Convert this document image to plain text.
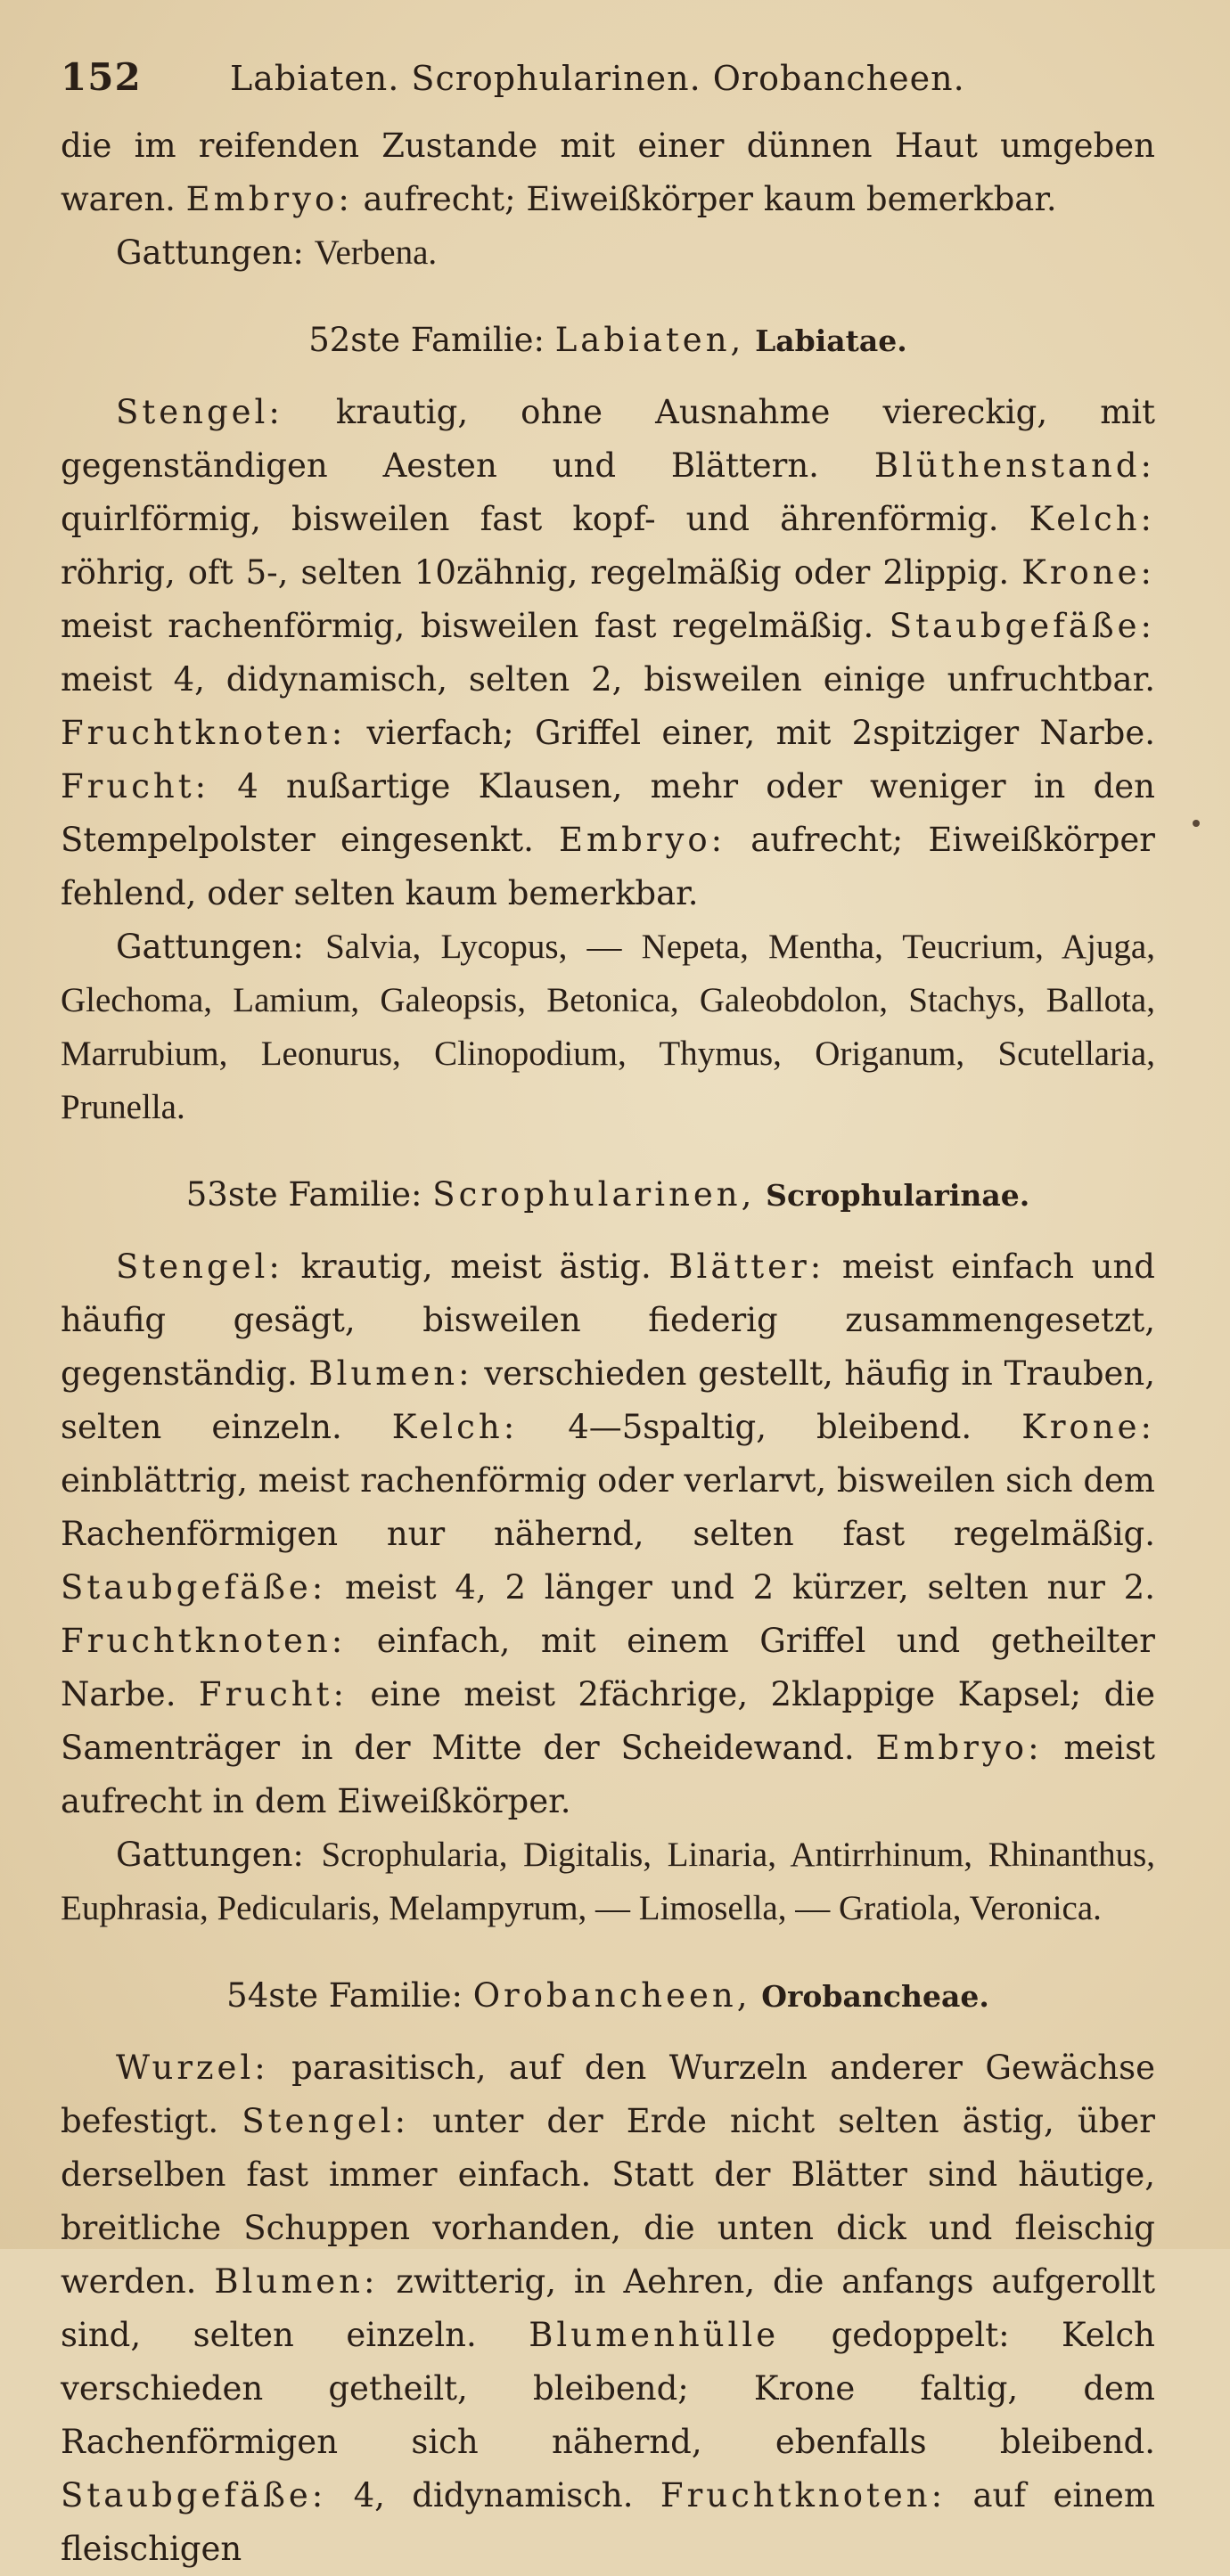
152	Labiaten. Scrophularinen. Orobancheen.

die im reifenden Zustande mit einer dünnen Haut umgeben waren. Embryo: aufrecht; Eiweißkörper kaum bemerkbar.

Gattungen: Verbena.

52ste Familie: Labiaten, Labiatae.

Stengel: krautig, ohne Ausnahme viereckig, mit gegenständigen Aesten und Blättern. Blüthenstand: quirlförmig, bisweilen fast kopf- und ährenförmig. Kelch: röhrig, oft 5-, selten 10zähnig, regelmäßig oder 2lippig. Krone: meist rachenförmig, bisweilen fast regelmäßig. Staubgefäße: meist 4, didynamisch, selten 2, bisweilen einige unfruchtbar. Fruchtknoten: vierfach; Griffel einer, mit 2spitziger Narbe. Frucht: 4 nußartige Klausen, mehr oder weniger in den Stempelpolster eingesenkt. Embryo: aufrecht; Eiweißkörper fehlend, oder selten kaum bemerkbar.

Gattungen: Salvia, Lycopus, — Nepeta, Mentha, Teucrium, Ajuga, Glechoma, Lamium, Galeopsis, Betonica, Galeobdolon, Stachys, Ballota, Marrubium, Leonurus, Clinopodium, Thymus, Origanum, Scutellaria, Prunella.

53ste Familie: Scrophularinen, Scrophularinae.

Stengel: krautig, meist ästig. Blätter: meist einfach und häufig gesägt, bisweilen fiederig zusammengesetzt, gegenständig. Blumen: verschieden gestellt, häufig in Trauben, selten einzeln. Kelch: 4—5spaltig, bleibend. Krone: einblättrig, meist rachenförmig oder verlarvt, bisweilen sich dem Rachenförmigen nur nähernd, selten fast regelmäßig. Staubgefäße: meist 4, 2 länger und 2 kürzer, selten nur 2. Fruchtknoten: einfach, mit einem Griffel und getheilter Narbe. Frucht: eine meist 2fächrige, 2klappige Kapsel; die Samenträger in der Mitte der Scheidewand. Embryo: meist aufrecht in dem Eiweißkörper.

Gattungen: Scrophularia, Digitalis, Linaria, Antirrhinum, Rhinanthus, Euphrasia, Pedicularis, Melampyrum, — Limosella, — Gratiola, Veronica.

54ste Familie: Orobancheen, Orobancheae.

Wurzel: parasitisch, auf den Wurzeln anderer Gewächse befestigt. Stengel: unter der Erde nicht selten ästig, über derselben fast immer einfach. Statt der Blätter sind häutige, breitliche Schuppen vorhanden, die unten dick und fleischig werden. Blumen: zwitterig, in Aehren, die anfangs aufgerollt sind, selten einzeln. Blumenhülle gedoppelt: Kelch verschieden getheilt, bleibend; Krone faltig, dem Rachenförmigen sich nähernd, ebenfalls bleibend. Staubgefäße: 4, didynamisch. Fruchtknoten: auf einem fleischigen
